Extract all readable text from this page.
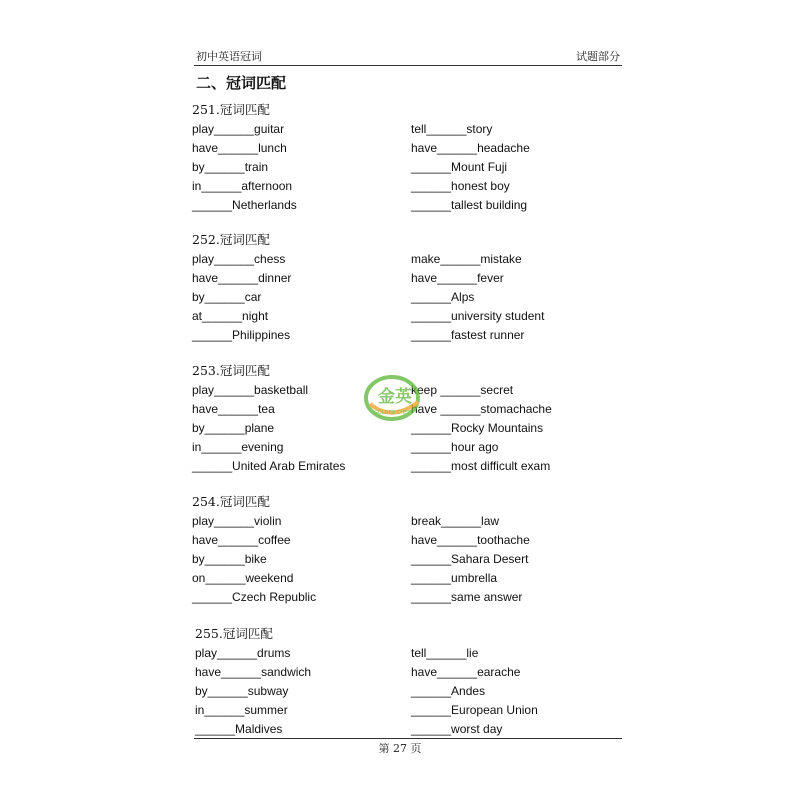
初中英语冠词	试题部分
二、冠词匹配
251.冠词匹配
play______guitar	tell______story
have______lunch	have______headache
by______train	______Mount Fuji
in______afternoon	______honest boy
______Netherlands	______tallest building
252.冠词匹配
play______chess	make______mistake
have______dinner	have______fever
by______car	______Alps
at______night	______university student
______Philippines	______fastest runner
253.冠词匹配
play______basketball	keep ______secret
have______tea	have ______stomachache
by______plane	______Rocky Mountains
in______evening	______hour ago
______United Arab Emirates	______most difficult exam
254.冠词匹配
play______violin	break______law
have______coffee	have______toothache
by______bike	______Sahara Desert
on______weekend	______umbrella
______Czech Republic	______same answer
255.冠词匹配
play______drums	tell______lie
have______sandwich	have______earache
by______subway	______Andes
in______summer	______European Union
______Maldives	______worst day
金英
GOLDEN CHEST
第 27 页
